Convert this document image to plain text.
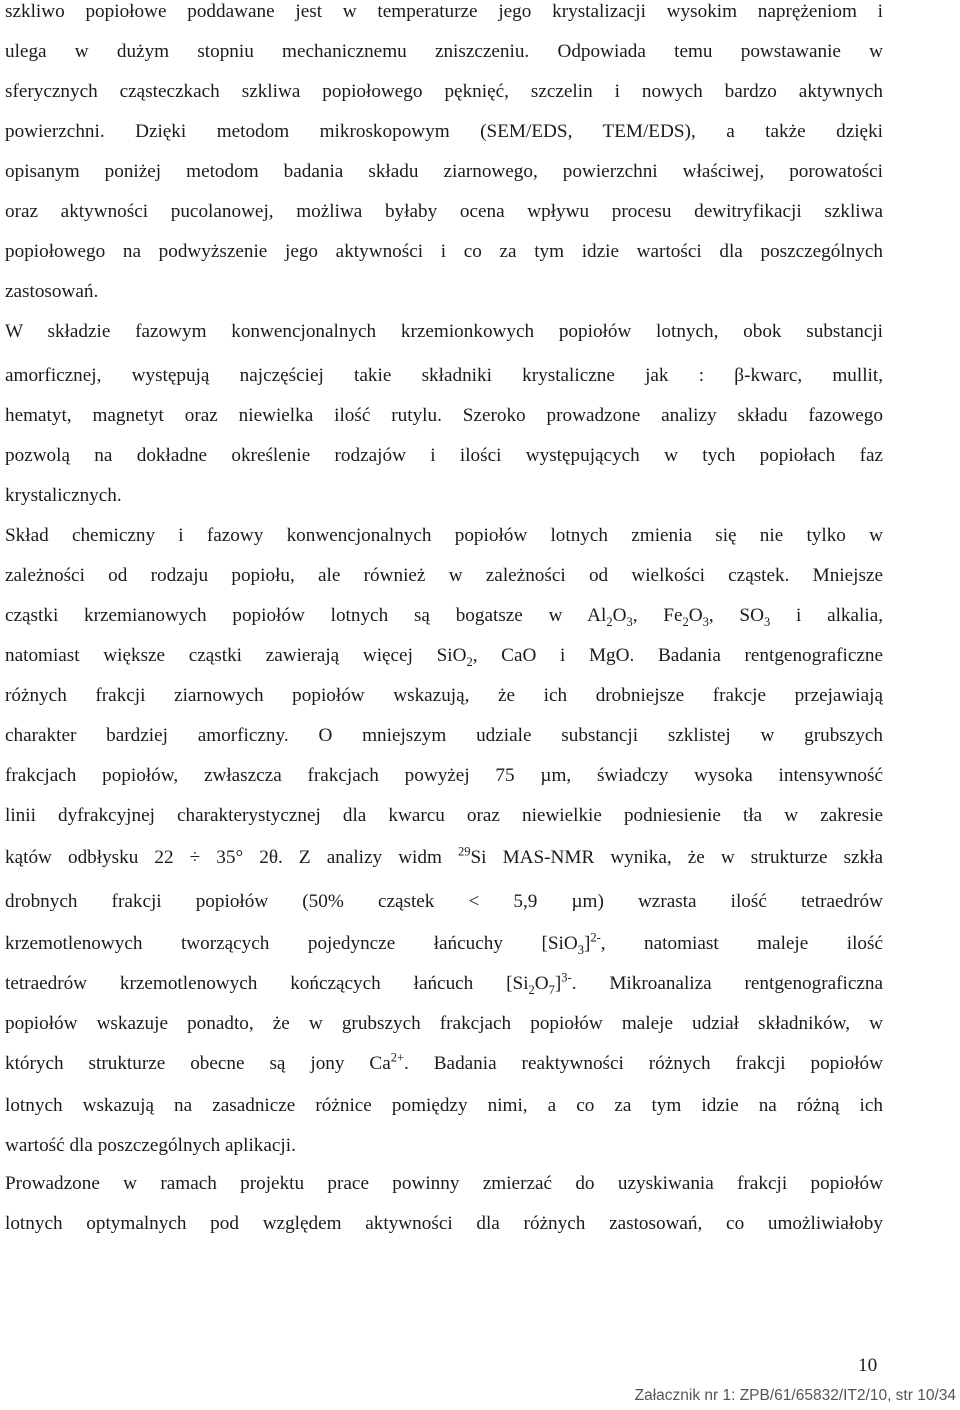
szkliwo popiołowe poddawane jest w temperaturze jego krystalizacji wysokim naprężeniom i
ulega w dużym stopniu mechanicznemu zniszczeniu. Odpowiada temu powstawanie w
sferycznych cząsteczkach szkliwa popiołowego pęknięć, szczelin i nowych bardzo aktywnych
powierzchni. Dzięki metodom mikroskopowym (SEM/EDS, TEM/EDS), a także dzięki
opisanym poniżej metodom badania składu ziarnowego, powierzchni właściwej, porowatości
oraz aktywności pucolanowej, możliwa byłaby ocena wpływu procesu dewitryfikacji szkliwa
popiołowego na podwyższenie jego aktywności i co za tym idzie wartości dla poszczególnych
zastosowań.
W składzie fazowym konwencjonalnych krzemionkowych popiołów lotnych, obok substancji
amorficznej, występują najczęściej takie składniki krystaliczne jak : β-kwarc, mullit,
hematyt, magnetyt oraz niewielka ilość rutylu. Szeroko prowadzone analizy składu fazowego
pozwolą na dokładne określenie rodzajów i ilości występujących w tych popiołach faz
krystalicznych.
Skład chemiczny i fazowy konwencjonalnych popiołów lotnych zmienia się nie tylko w
zależności od rodzaju popiołu, ale również w zależności od wielkości cząstek. Mniejsze
cząstki krzemianowych popiołów lotnych są bogatsze w $Al_2O_3$, $Fe_2O_3$, $SO_3$ i alkalia,
natomiast większe cząstki zawierają więcej SiO$_2$, CaO i MgO. Badania rentgenograficzne
różnych frakcji ziarnowych popiołów wskazują, że ich drobniejsze frakcje przejawiają
charakter bardziej amorficzny. O mniejszym udziale substancji szklistej w grubszych
frakcjach popiołów, zwłaszcza frakcjach powyżej 75 µm, świadczy wysoka intensywność
linii dyfrakcyjnej charakterystycznej dla kwarcu oraz niewielkie podniesienie tła w zakresie
kątów odbłysku 22 ÷ 35° 2θ. Z analizy widm $^{29}$Si MAS-NMR wynika, że w strukturze szkła
drobnych frakcji popiołów (50% cząstek < 5,9 µm) wzrasta ilość tetraedrów
krzemotlenowych tworzących pojedyncze łańcuchy $[SiO_3]^{2-}$, natomiast maleje ilość
tetraedrów krzemotlenowych kończących łańcuch $[Si_2O_7]^{3-}$. Mikroanaliza rentgenograficzna
popiołów wskazuje ponadto, że w grubszych frakcjach popiołów maleje udział składników, w
których strukturze obecne są jony $Ca^{2+}$. Badania reaktywności różnych frakcji popiołów
lotnych wskazują na zasadnicze różnice pomiędzy nimi, a co za tym idzie na różną ich
wartość dla poszczególnych aplikacji.
Prowadzone w ramach projektu prace powinny zmierzać do uzyskiwania frakcji popiołów
lotnych optymalnych pod względem aktywności dla różnych zastosowań, co umożliwiałoby
10
Załacznik nr 1: ZPB/61/65832/IT2/10, str 10/34
